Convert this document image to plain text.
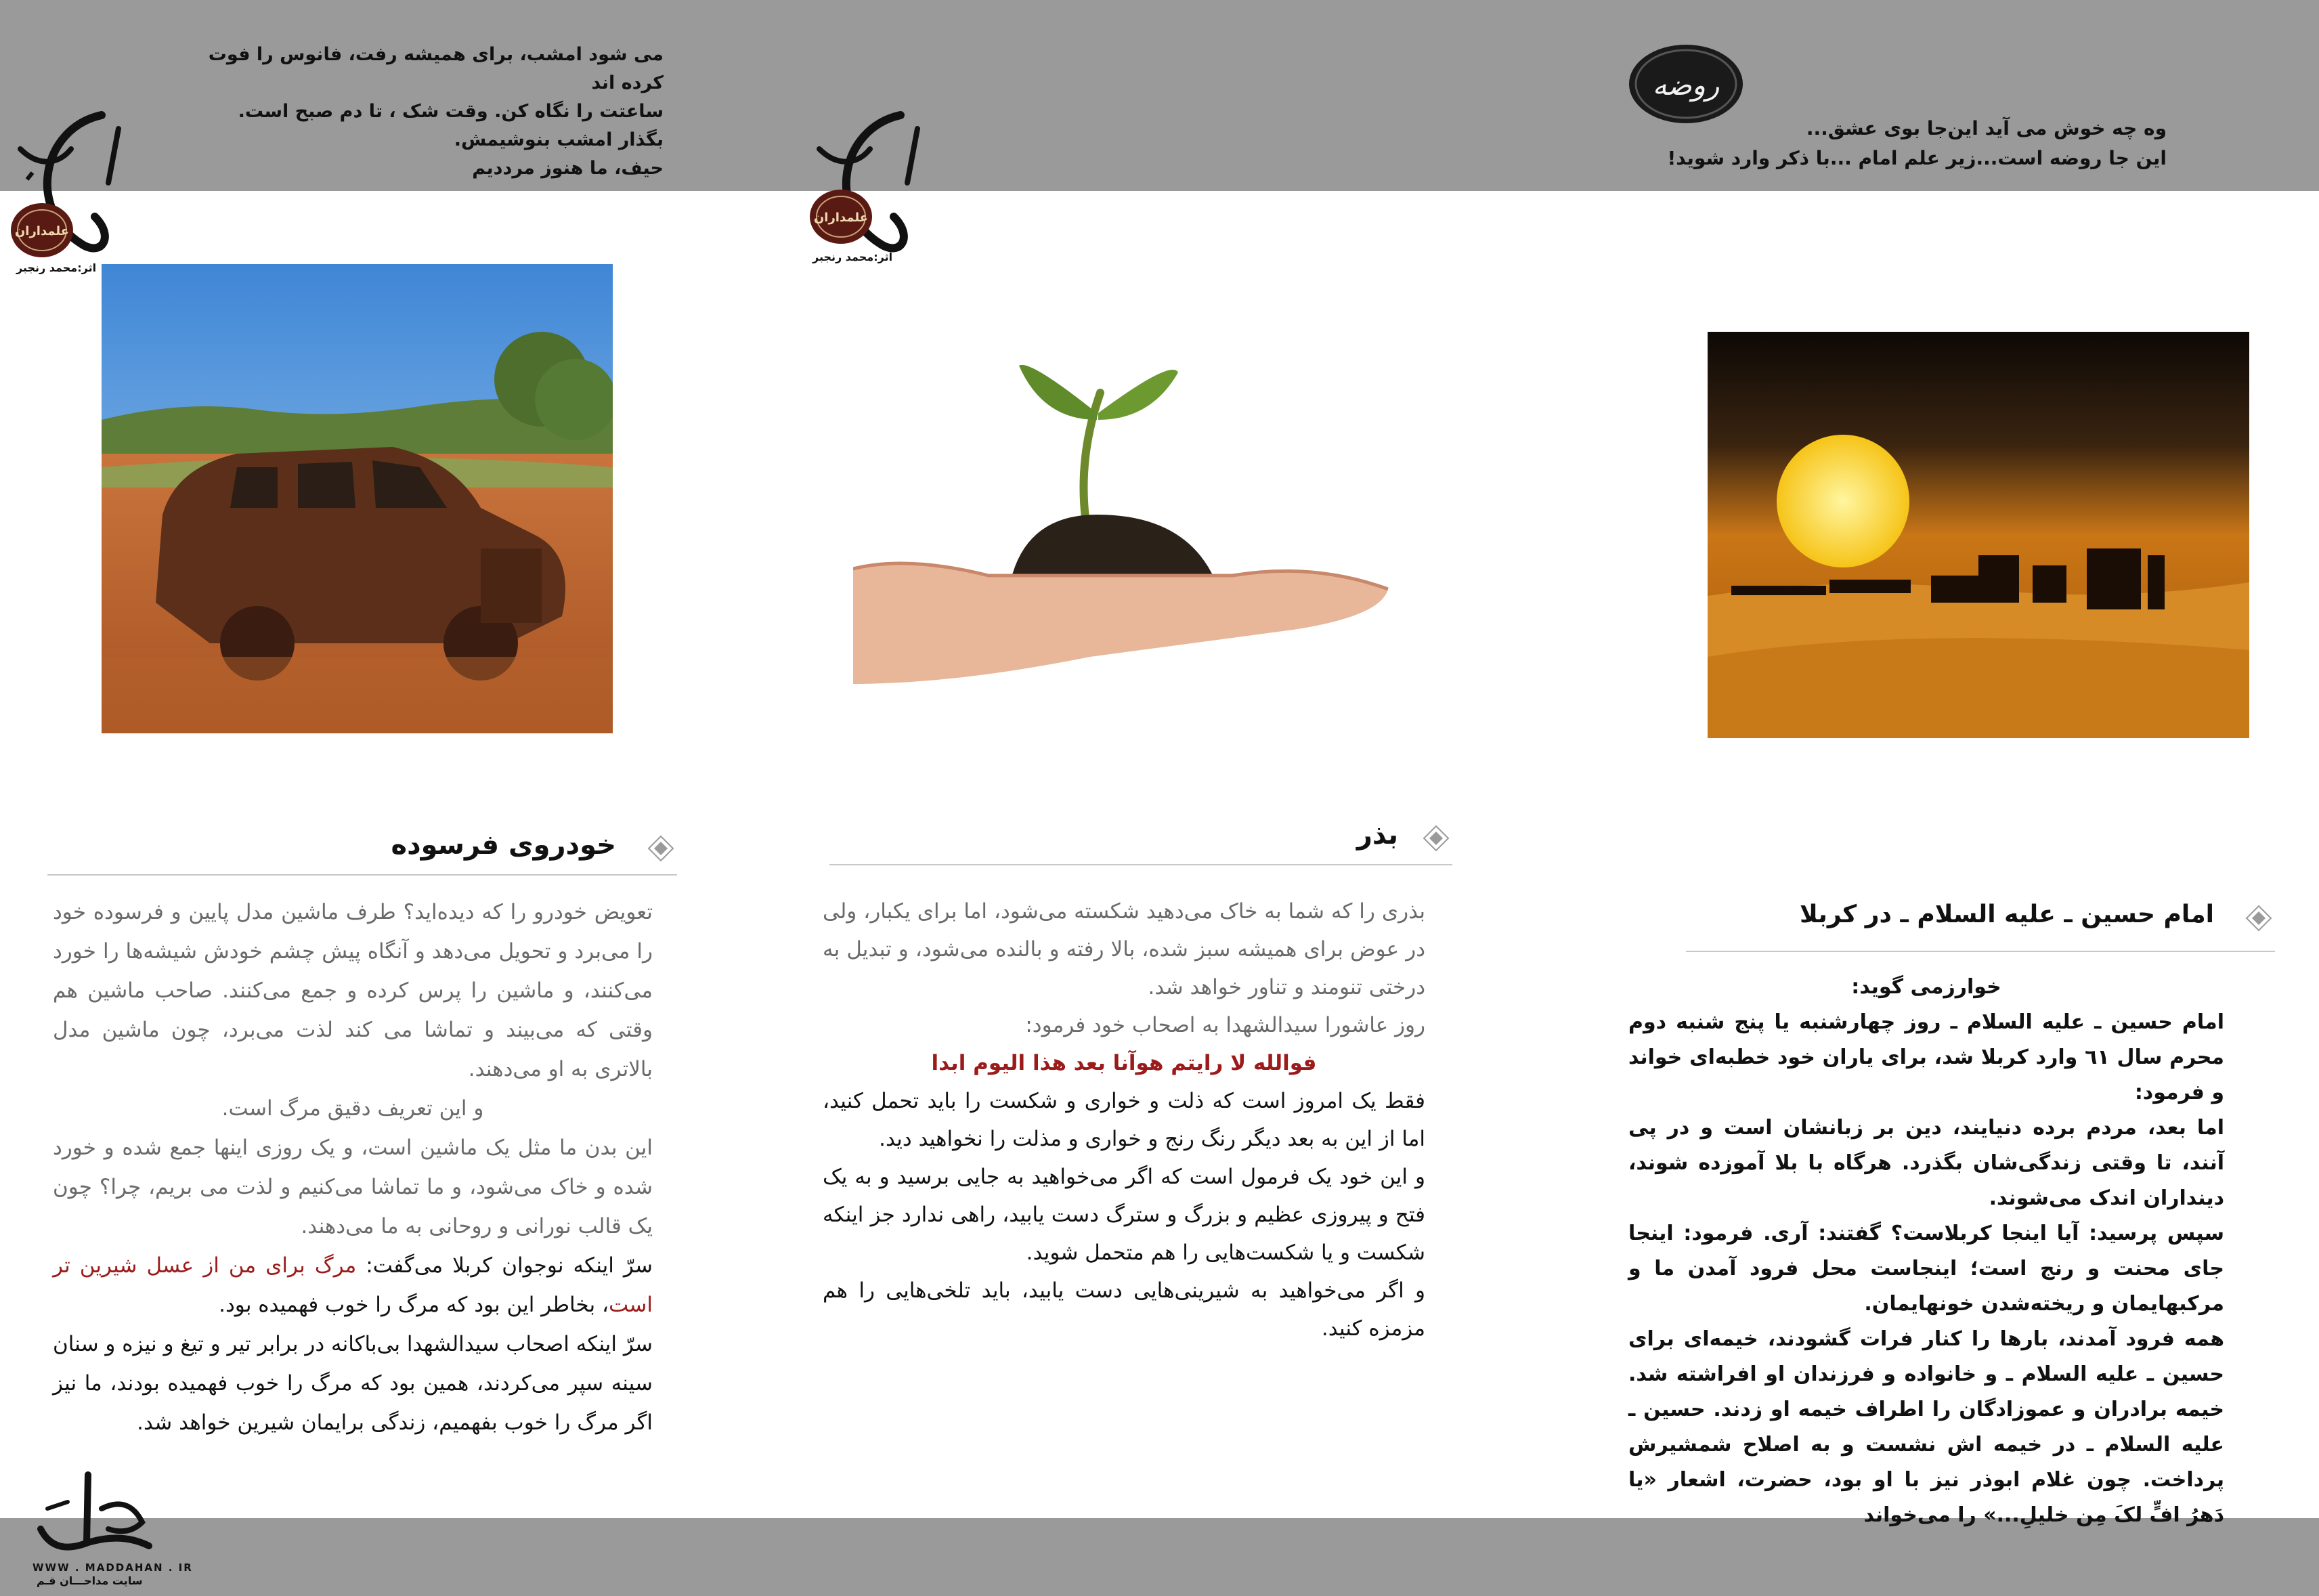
می شود امشب، برای همیشه رفت، فانوس را فوت کرده اند
ساعتت را نگاه کن. وقت شک ، تا دم صبح است.
بگذار امشب بنوشیمش.
حیف، ما هنوز مردديم
وه چه خوش می آید این‌جا بوی عشق...
این جا روضه است...زیر علم امام ...با ذکر وارد شوید!
روضه
علمداران
اثر:محمد رنجبر
علمداران
اثر:محمد رنجبر
خودروی فرسوده	بذر
امام حسین ـ علیه السلام ـ در کربلا

تعویض خودرو را که دیده‌اید؟ طرف ماشین مدل پایین و فرسوده خود را می‌برد و تحویل می‌دهد و آنگاه پیش چشم خودش شیشه‌ها را خورد می‌کنند، و ماشین را پرس کرده و جمع می‌کنند. صاحب ماشین هم وقتی که می‌بیند و تماشا می کند لذت می‌برد، چون ماشین مدل بالاتری به او می‌دهند.

و این تعریف دقیق مرگ است.

این بدن ما مثل یک ماشین است، و یک روزی اینها جمع شده و خورد شده و خاک می‌شود، و ما تماشا می‌کنیم و لذت می بریم، چرا؟ چون یک قالب نورانی و روحانی به ما می‌دهند.

سرّ اینکه نوجوان کربلا می‌گفت: مرگ برای من از عسل شیرین تر است، بخاطر این بود که مرگ را خوب فهمیده بود.

سرّ اینکه اصحاب سیدالشهدا بی‌باکانه در برابر تیر و تیغ و نیزه و سنان سینه سپر می‌کردند، همین بود که مرگ را خوب فهمیده بودند، ما نیز اگر مرگ را خوب بفهمیم، زندگی برایمان شیرین خواهد شد.

بذری را که شما به خاک می‌دهید شکسته می‌شود، اما برای یکبار، ولی در عوض برای همیشه سبز شده، بالا رفته و بالنده می‌شود، و تبدیل به درختی تنومند و تناور خواهد شد.

روز عاشورا سیدالشهدا به اصحاب خود فرمود:

فوالله لا رایتم هوآنا بعد هذا الیوم ابدا

فقط یک امروز است که ذلت و خواری و شکست را باید تحمل کنید، اما از این به بعد دیگر رنگ رنج و خواری و مذلت را نخواهید دید.

و این خود یک فرمول است که اگر می‌خواهید به جایی برسید و به یک فتح و پیروزی عظیم و بزرگ و سترگ دست یابید، راهی ندارد جز اینکه شکست و یا شکست‌هایی را هم متحمل شوید.

و اگر می‌خواهید به شیرینی‌هایی دست یابید، باید تلخی‌هایی را هم مزمزه کنید.

خوارزمی گوید:

امام حسین ـ علیه السلام ـ روز چهارشنبه یا پنج شنبه دوم محرم سال ٦١ وارد کربلا شد، برای یاران خود خطبه‌ای خواند و فرمود:

اما بعد، مردم برده دنیایند، دین بر زبانشان است و در پی آنند، تا وقتی زندگی‌شان بگذرد. هرگاه با بلا آموزده شوند، دینداران اندک می‌شوند.

سپس پرسید: آیا اینجا کربلاست؟ گفتند: آری. فرمود: اینجا جای محنت و رنج است؛ اینجاست محل فرود آمدن ما و مرکبهایمان و ریخته‌شدن خونهایمان.

همه فرود آمدند، بارها را کنار فرات گشودند، خیمه‌ای برای حسین ـ علیه السلام ـ و خانواده و فرزندان او افراشته شد. خیمه برادران و عموزادگان را اطراف خیمه او زدند. حسین ـ علیه السلام ـ در خیمه اش نشست و به اصلاح شمشیرش پرداخت. چون غلام ابوذر نیز با او بود، حضرت، اشعار «یا دَهرُ افٍّ لکَ مِن خلیلِ...» را می‌خواند

WWW . MADDAHAN . IR
سایت مداحـــان قـم
